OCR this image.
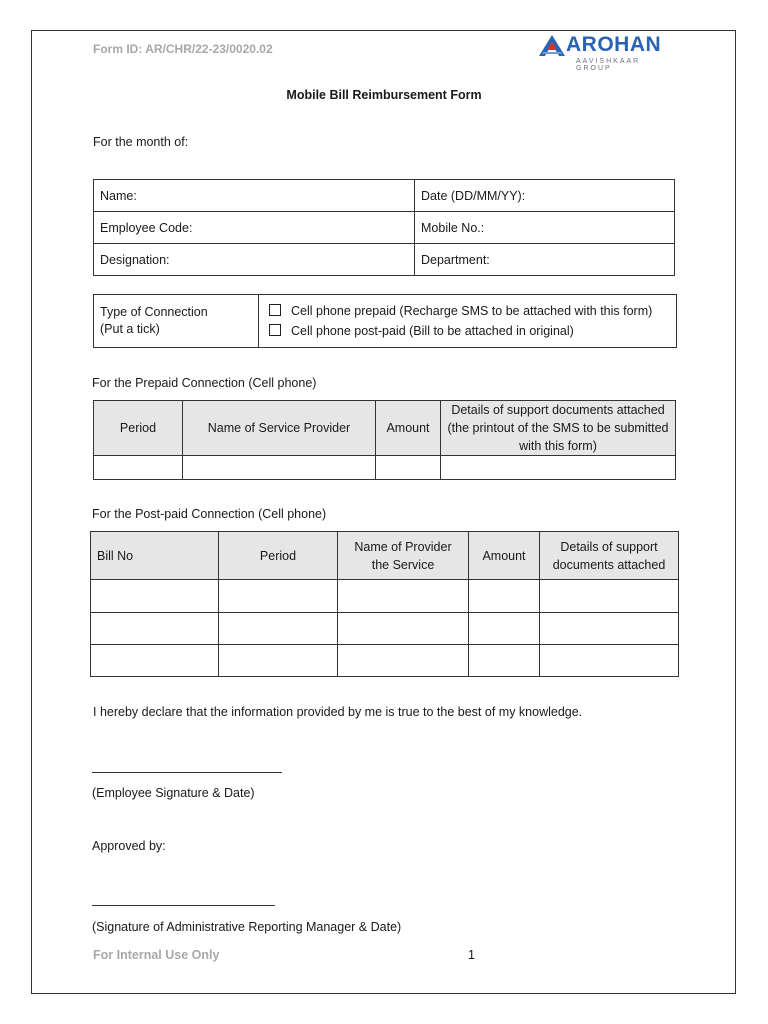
Form ID: AR/CHR/22-23/0020.02	AROHAN
AAVISHKAAR GROUP
Mobile Bill Reimbursement Form
For the month of:
Name:	Date (DD/MM/YY):
Employee Code:	Mobile No.:
Designation:	Department:
Type of Connection
(Put a tick)

Cell phone prepaid (Recharge SMS to be attached with this form)
Cell phone post-paid (Bill to be attached in original)
For the Prepaid Connection (Cell phone)
Period	Name of Service Provider	Amount	Details of support documents attached (the printout of the SMS to be submitted with this form)

For the Post-paid Connection (Cell phone)
Bill No	Period	Name of Provider the Service	Amount	Details of support documents attached

I hereby declare that the information provided by me is true to the best of my knowledge.
(Employee Signature & Date)
Approved by:
(Signature of Administrative Reporting Manager & Date)
For Internal Use Only	1
